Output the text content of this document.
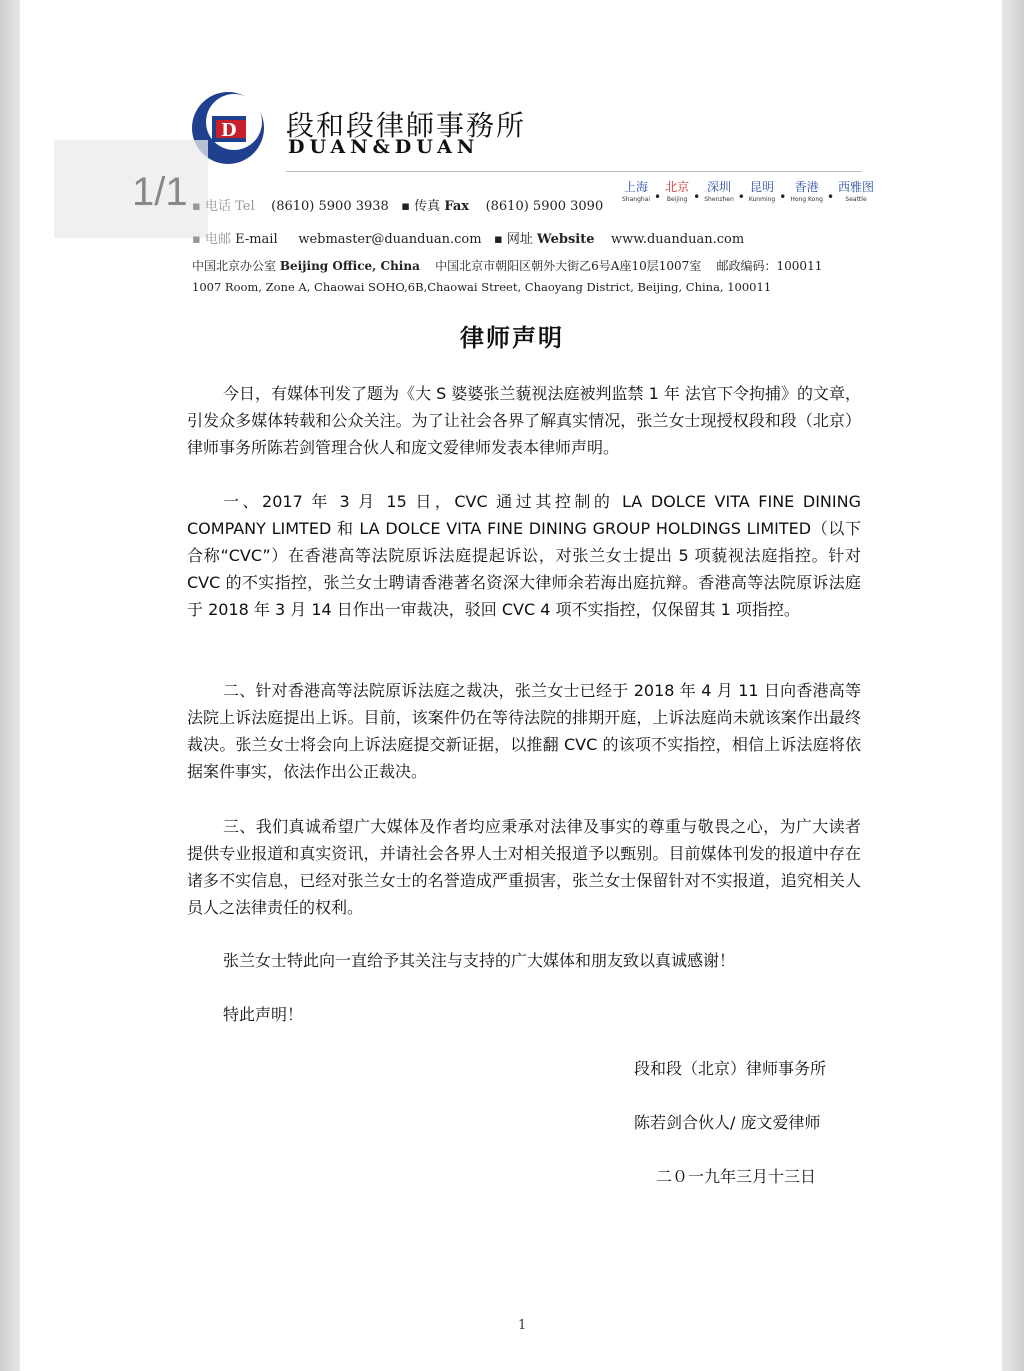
D 段和段律師事務所
DUAN&DUAN
1/1 ▪ 电话 Tel (8610) 5900 3938   ▪ 传真 Fax (8610) 5900 3090
上海
Shanghai •北京
Beijing •深圳
Shenzhen •昆明
Kunming •香港
Hong Kong •西雅图
Seattle
▪ 电邮 E-mail webmaster@duanduan.com   ▪ 网址 Website www.duanduan.com
中国北京办公室 Beijing Office, China 中国北京市朝阳区朝外大街乙6号A座10层1007室 邮政编码：100011
1007 Room, Zone A, Chaowai SOHO,6B,Chaowai Street, Chaoyang District, Beijing, China, 100011
律师声明

今日，有媒体刊发了题为《大 S 婆婆张兰藐视法庭被判监禁 1 年 法官下令拘捕》的文章，引发众多媒体转载和公众关注。为了让社会各界了解真实情况，张兰女士现授权段和段（北京）律师事务所陈若剑管理合伙人和庞文爱律师发表本律师声明。

一、2017 年 3 月 15 日，CVC 通过其控制的 LA DOLCE VITA FINE DINING COMPANY LIMTED 和 LA DOLCE VITA FINE DINING GROUP HOLDINGS LIMITED（以下合称“CVC”）在香港高等法院原诉法庭提起诉讼，对张兰女士提出 5 项藐视法庭指控。针对 CVC 的不实指控，张兰女士聘请香港著名资深大律师余若海出庭抗辩。香港高等法院原诉法庭于 2018 年 3 月 14 日作出一审裁决，驳回 CVC 4 项不实指控，仅保留其 1 项指控。

二、针对香港高等法院原诉法庭之裁决，张兰女士已经于 2018 年 4 月 11 日向香港高等法院上诉法庭提出上诉。目前，该案件仍在等待法院的排期开庭，上诉法庭尚未就该案作出最终裁决。张兰女士将会向上诉法庭提交新证据，以推翻 CVC 的该项不实指控，相信上诉法庭将依据案件事实，依法作出公正裁决。

三、我们真诚希望广大媒体及作者均应秉承对法律及事实的尊重与敬畏之心，为广大读者提供专业报道和真实资讯，并请社会各界人士对相关报道予以甄别。目前媒体刊发的报道中存在诸多不实信息，已经对张兰女士的名誉造成严重损害，张兰女士保留针对不实报道，追究相关人员人之法律责任的权利。

张兰女士特此向一直给予其关注与支持的广大媒体和朋友致以真诚感谢！

特此声明！

段和段（北京）律师事务所
陈若剑合伙人/ 庞文爱律师
二０一九年三月十三日
1
